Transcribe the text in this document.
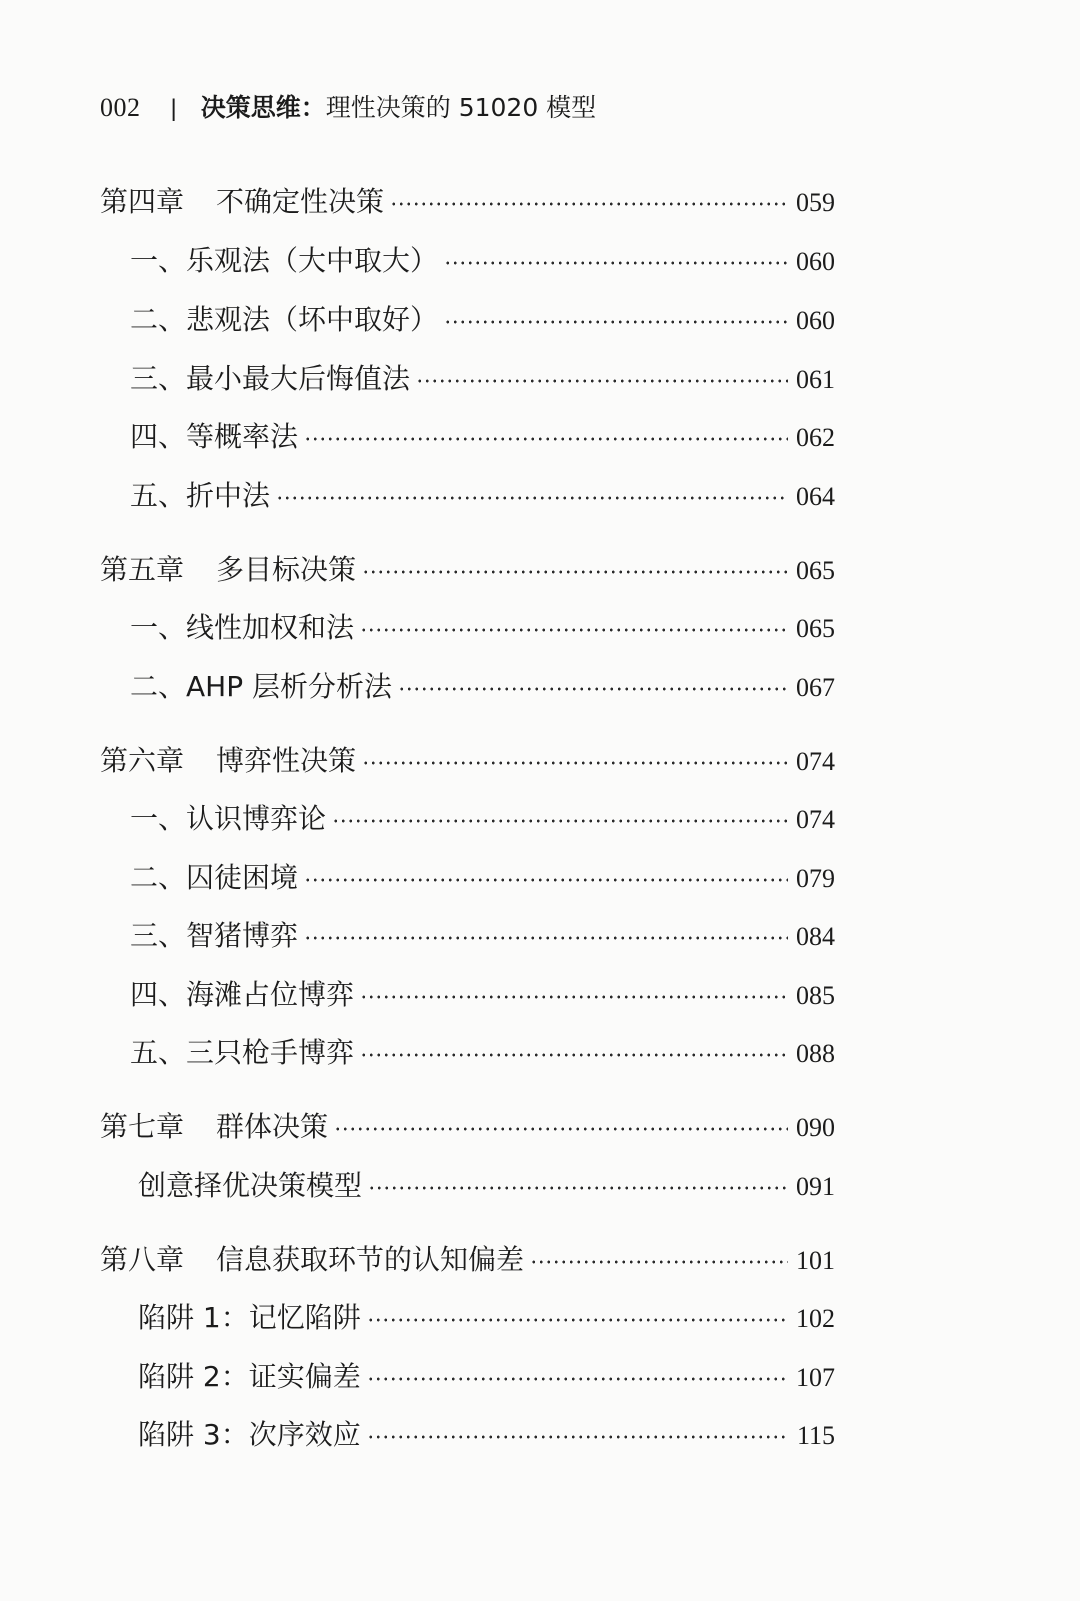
002 | 决策思维： 理性决策的 51020 模型
第四章 不确定性决策	059
一、乐观法（大中取大）	060
二、悲观法（坏中取好）	060
三、最小最大后悔值法	061
四、等概率法	062
五、折中法	064
第五章 多目标决策	065
一、线性加权和法	065
二、AHP 层析分析法	067
第六章 博弈性决策	074
一、认识博弈论	074
二、囚徒困境	079
三、智猪博弈	084
四、海滩占位博弈	085
五、三只枪手博弈	088
第七章 群体决策	090
创意择优决策模型	091
第八章 信息获取环节的认知偏差	101
陷阱 1：记忆陷阱	102
陷阱 2：证实偏差	107
陷阱 3：次序效应	115
